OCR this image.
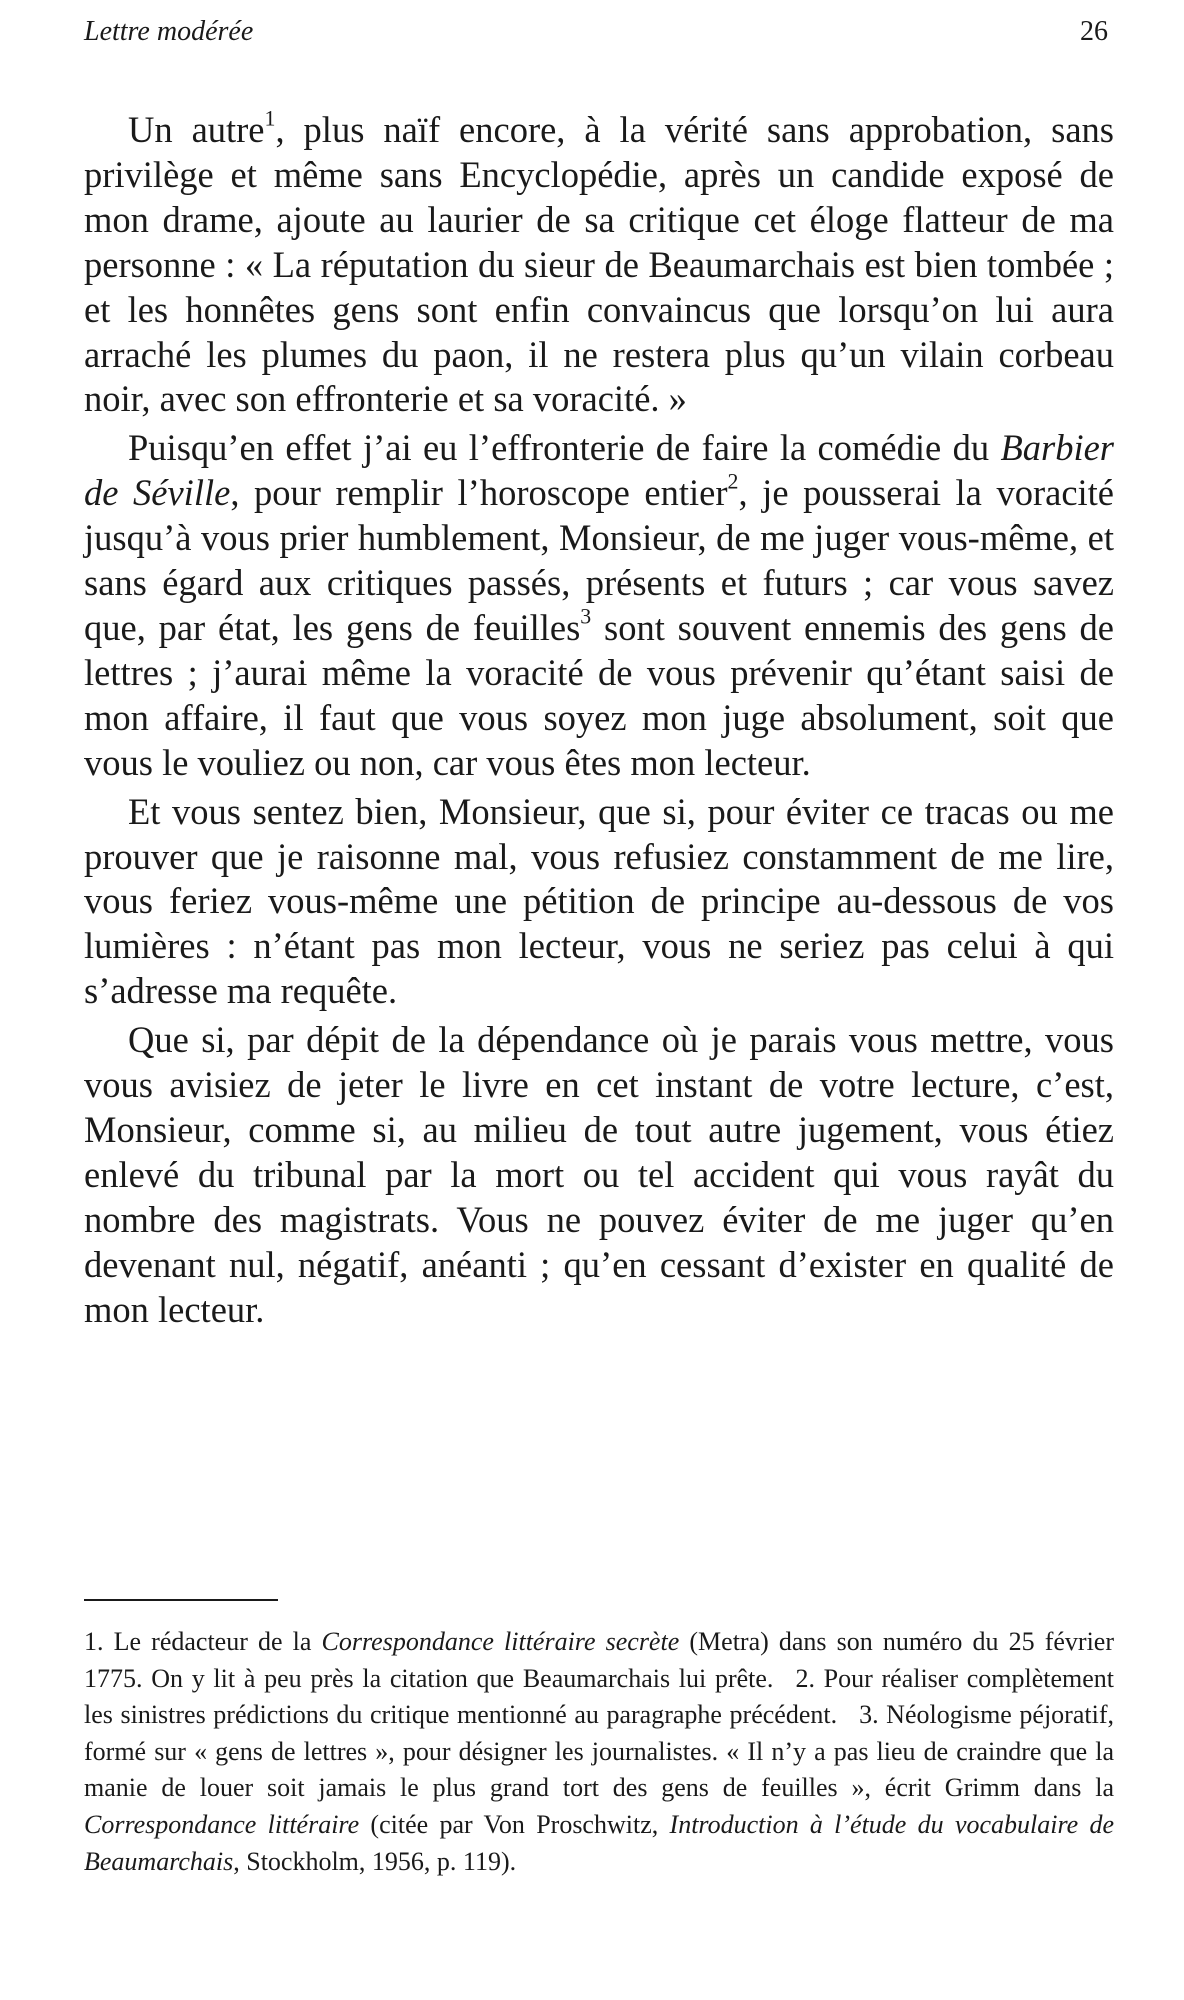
Lettre modérée	26

Un autre$^1$, plus naïf encore, à la vérité sans approbation, sans privilège et même sans Encyclopédie, après un candide exposé de mon drame, ajoute au laurier de sa critique cet éloge flatteur de ma personne : « La réputation du sieur de Beaumarchais est bien tombée ; et les honnêtes gens sont enfin convaincus que lorsqu’on lui aura arraché les plumes du paon, il ne restera plus qu’un vilain corbeau noir, avec son effronterie et sa voracité. »

Puisqu’en effet j’ai eu l’effronterie de faire la comédie du Barbier de Séville, pour remplir l’horoscope entier$^2$, je pousserai la voracité jusqu’à vous prier humblement, Monsieur, de me juger vous-même, et sans égard aux critiques passés, présents et futurs ; car vous savez que, par état, les gens de feuilles$^3$ sont souvent ennemis des gens de lettres ; j’aurai même la voracité de vous prévenir qu’étant saisi de mon affaire, il faut que vous soyez mon juge absolument, soit que vous le vouliez ou non, car vous êtes mon lecteur.

Et vous sentez bien, Monsieur, que si, pour éviter ce tracas ou me prouver que je raisonne mal, vous refusiez constamment de me lire, vous feriez vous-même une pétition de principe au-dessous de vos lumières : n’étant pas mon lecteur, vous ne seriez pas celui à qui s’adresse ma requête.

Que si, par dépit de la dépendance où je parais vous mettre, vous vous avisiez de jeter le livre en cet instant de votre lecture, c’est, Monsieur, comme si, au milieu de tout autre jugement, vous étiez enlevé du tribunal par la mort ou tel accident qui vous rayât du nombre des magistrats. Vous ne pouvez éviter de me juger qu’en devenant nul, négatif, anéanti ; qu’en cessant d’exister en qualité de mon lecteur.

1. Le rédacteur de la Correspondance littéraire secrète (Metra) dans son numéro du 25 février 1775. On y lit à peu près la citation que Beaumarchais lui prête. 2. Pour réaliser complètement les sinistres prédictions du critique mentionné au paragraphe précédent. 3. Néologisme péjoratif, formé sur « gens de lettres », pour désigner les journalistes. « Il n’y a pas lieu de craindre que la manie de louer soit jamais le plus grand tort des gens de feuilles », écrit Grimm dans la Correspondance littéraire (citée par Von Proschwitz, Introduction à l’étude du vocabulaire de Beaumarchais, Stockholm, 1956, p. 119).
